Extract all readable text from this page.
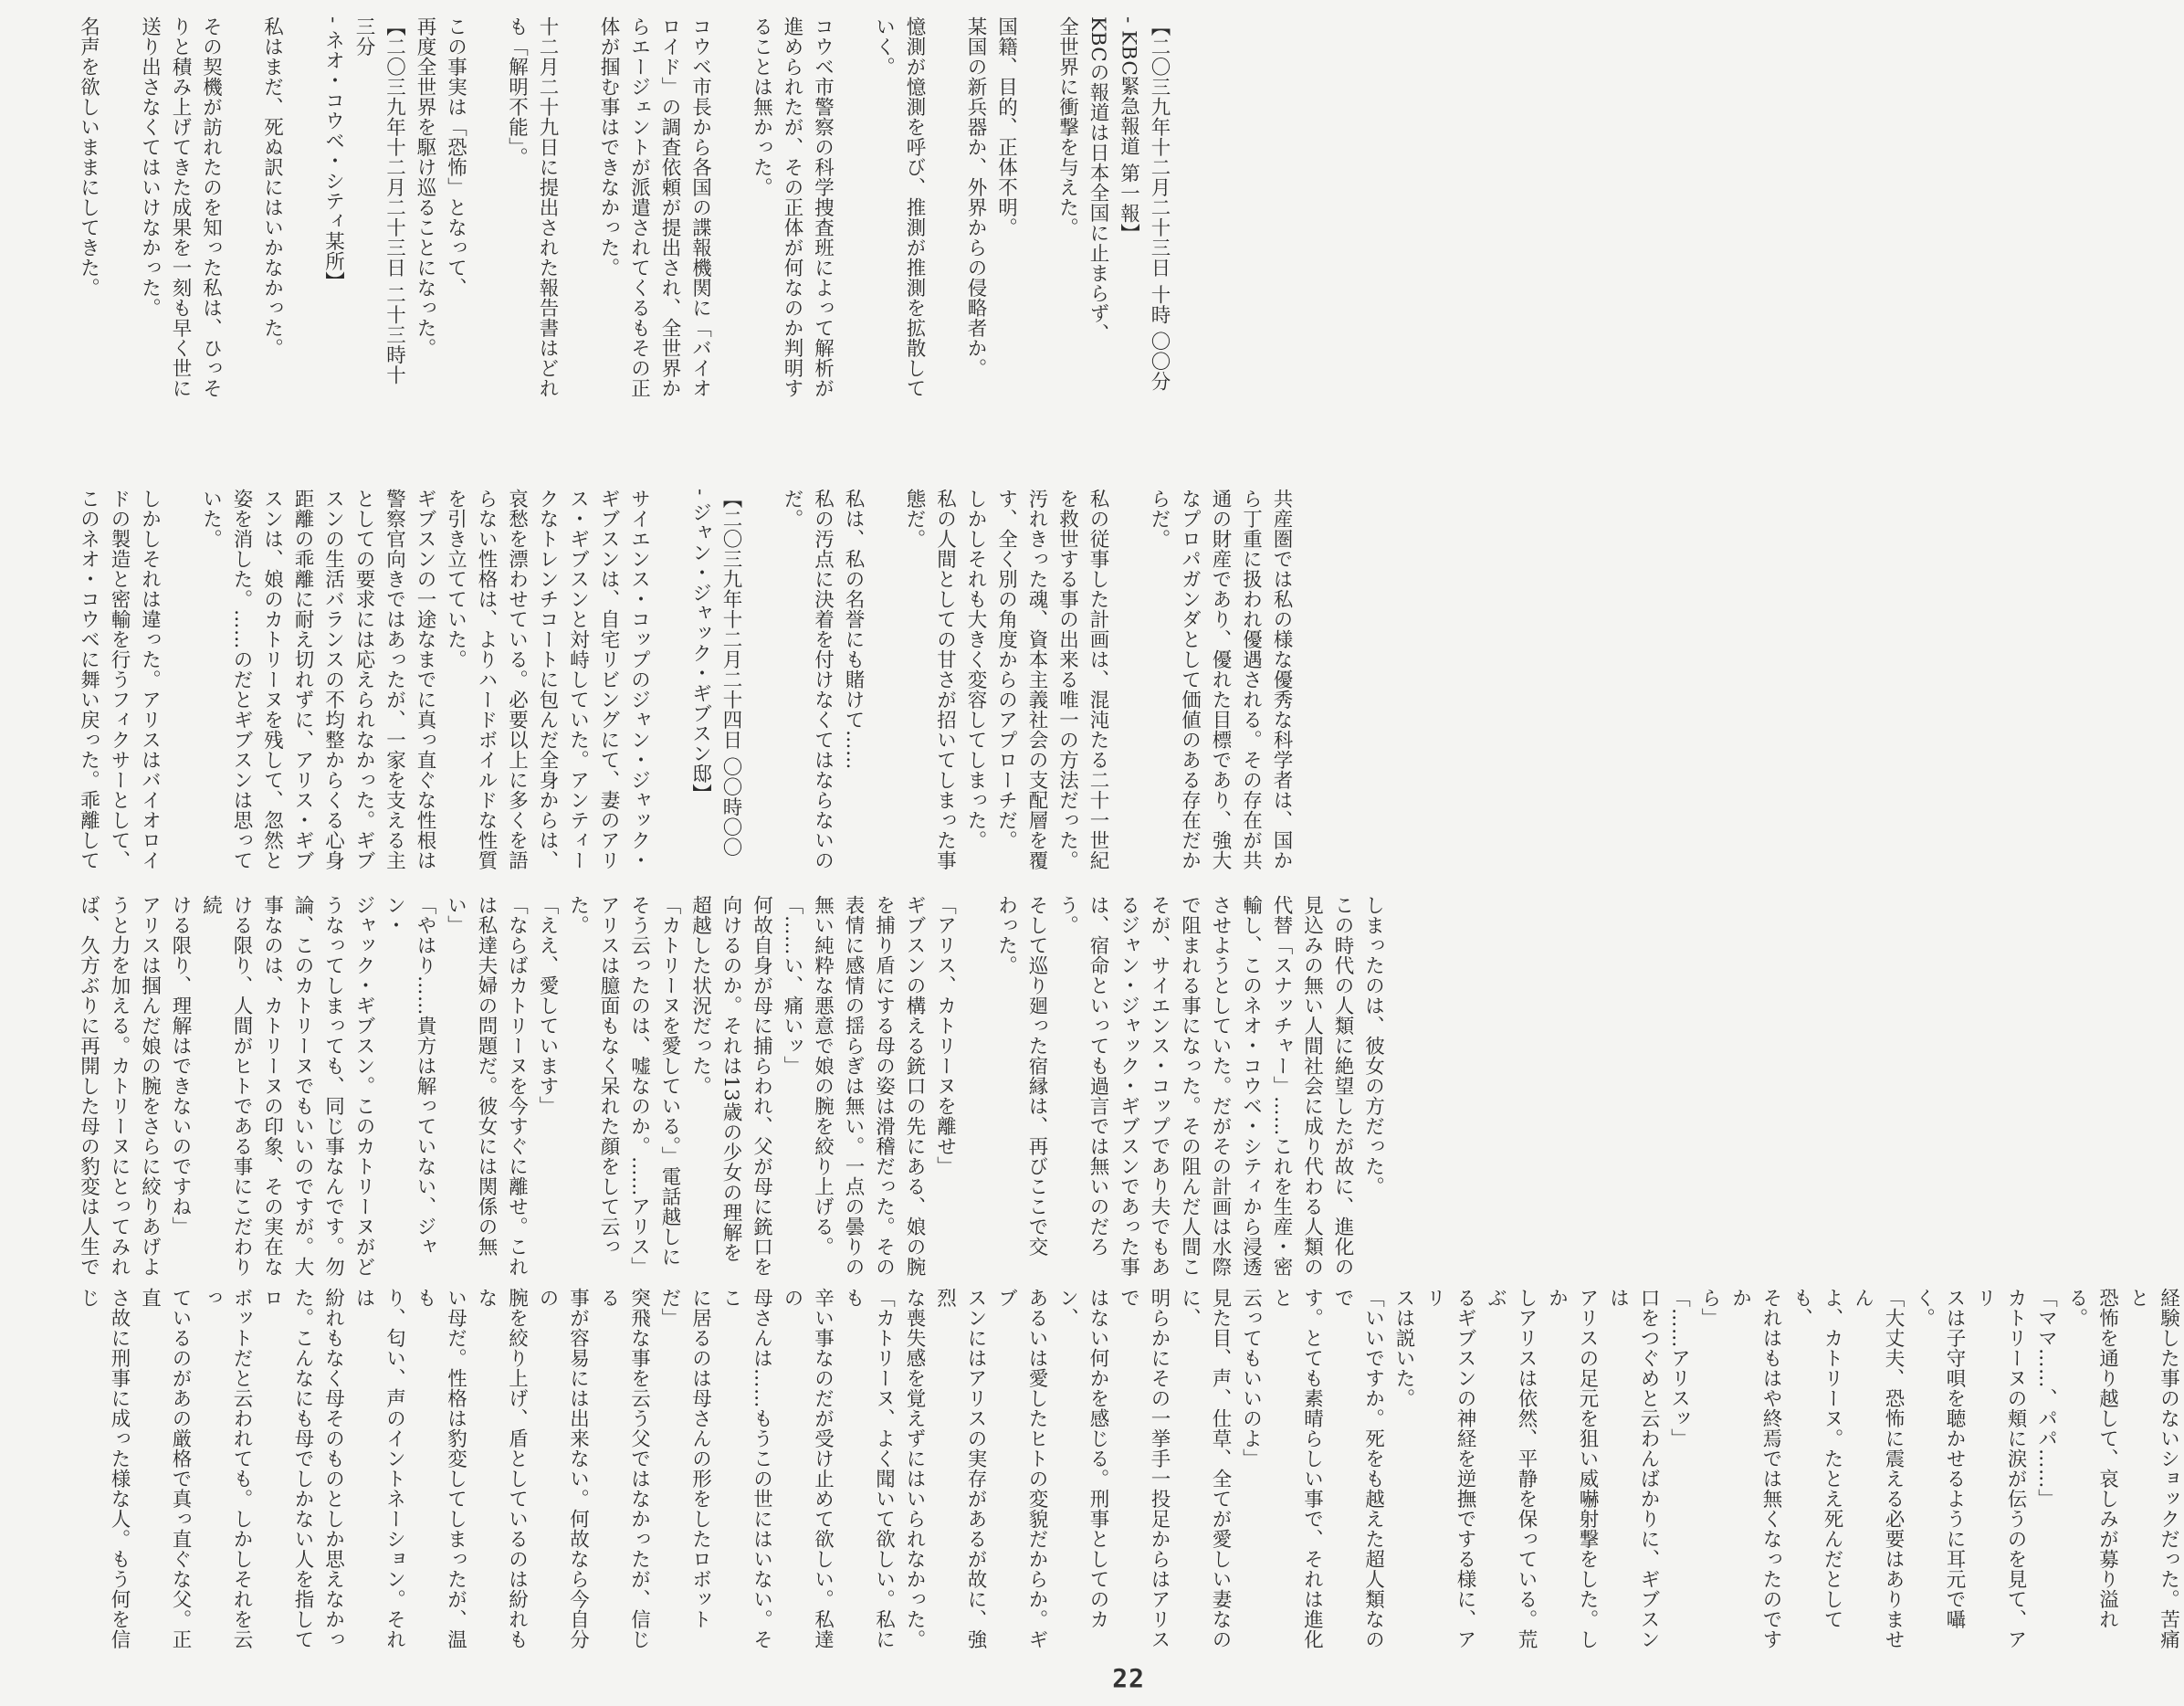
【二〇三九年十二月二十三日 十時 〇〇分
- KBC緊急報道 第一報】
KBCの報道は日本全国に止まらず、
全世界に衝撃を与えた。

国籍、目的、正体不明。
某国の新兵器か、外界からの侵略者か。

憶測が憶測を呼び、推測が推測を拡散して
いく。

コウベ市警察の科学捜査班によって解析が
進められたが、その正体が何なのか判明す
ることは無かった。

コウベ市長から各国の諜報機関に「バイオ
ロイド」の調査依頼が提出され、全世界か
らエージェントが派遣されてくるもその正
体が掴む事はできなかった。

十二月二十九日に提出された報告書はどれ
も「解明不能」。

この事実は「恐怖」となって、
再度全世界を駆け巡ることになった。
【二〇三九年十二月二十三日 二十三時十
三分
- ネオ・コウベ・シティ某所】

私はまだ、死ぬ訳にはいかなかった。

その契機が訪れたのを知った私は、ひっそ
りと積み上げてきた成果を一刻も早く世に
送り出さなくてはいけなかった。

名声を欲しいままにしてきた。
共産圏では私の様な優秀な科学者は、国か
ら丁重に扱われ優遇される。その存在が共
通の財産であり、優れた目標であり、強大
なプロパガンダとして価値のある存在だか
らだ。

私の従事した計画は、混沌たる二十一世紀
を救世する事の出来る唯一の方法だった。
汚れきった魂、資本主義社会の支配層を覆
す、全く別の角度からのアプローチだ。
しかしそれも大きく変容してしまった。
私の人間としての甘さが招いてしまった事
態だ。

私は、私の名誉にも賭けて……
私の汚点に決着を付けなくてはならないの
だ。

【二〇三九年十二月二十四日 〇〇時〇〇
- ジャン・ジャック・ギブスン邸】

サイエンス・コップのジャン・ジャック・
ギブスンは、自宅リビングにて、妻のアリ
ス・ギブスンと対峙していた。アンティー
クなトレンチコートに包んだ全身からは、
哀愁を漂わせている。必要以上に多くを語
らない性格は、よりハードボイルドな性質
を引き立てていた。
ギブスンの一途なまでに真っ直ぐな性根は
警察官向きではあったが、一家を支える主
としての要求には応えられなかった。ギブ
スンの生活バランスの不均整からくる心身
距離の乖離に耐え切れずに、アリス・ギブ
スンは、娘のカトリーヌを残して、忽然と
姿を消した。……のだとギブスンは思って
いた。

しかしそれは違った。アリスはバイオロイ
ドの製造と密輸を行うフィクサーとして、
このネオ・コウベに舞い戻った。乖離して
しまったのは、彼女の方だった。
この時代の人類に絶望したが故に、進化の
見込みの無い人間社会に成り代わる人類の
代替「スナッチャー」……これを生産・密
輸し、このネオ・コウベ・シティから浸透
させようとしていた。だがその計画は水際
で阻まれる事になった。その阻んだ人間こ
そが、サイエンス・コップであり夫でもあ
るジャン・ジャック・ギブスンであった事
は、宿命といっても過言では無いのだろう。
そして巡り廻った宿縁は、再びここで交
わった。

「アリス、カトリーヌを離せ」
ギブスンの構える銃口の先にある、娘の腕
を捕り盾にする母の姿は滑稽だった。その
表情に感情の揺らぎは無い。一点の曇りの
無い純粋な悪意で娘の腕を絞り上げる。
「……い、痛いッ」
何故自身が母に捕らわれ、父が母に銃口を
向けるのか。それは13歳の少女の理解を
超越した状況だった。
「カトリーヌを愛している。」電話越しに
そう云ったのは、嘘なのか。……アリス」
アリスは臆面もなく呆れた顔をして云っ
た。
「ええ、愛しています」
「ならばカトリーヌを今すぐに離せ。これ
は私達夫婦の問題だ。彼女には関係の無い」
「やはり……貴方は解っていない、ジャン・
ジャック・ギブスン。このカトリーヌがど
うなってしまっても、同じ事なんです。勿
論、このカトリーヌでもいいのですが。大
事なのは、カトリーヌの印象、その実在な
ける限り、人間がヒトである事にこだわり続
ける限り、理解はできないのですね」
アリスは掴んだ娘の腕をさらに絞りあげよ
うと力を加える。カトリーヌにとってみれ
ば、久方ぶりに再開した母の豹変は人生で
経験した事のないショックだった。苦痛と
恐怖を通り越して、哀しみが募り溢れる。
「ママ……、パパ……」
カトリーヌの頬に涙が伝うのを見て、アリ
スは子守唄を聴かせるように耳元で囁く。
「大丈夫、恐怖に震える必要はありません
よ、カトリーヌ。たとえ死んだとしても、
それはもはや終焉では無くなったのですか
ら」
「……アリスッ」
口をつぐめと云わんばかりに、ギブスンは
アリスの足元を狙い威嚇射撃をした。しか
しアリスは依然、平静を保っている。荒ぶ
るギブスンの神経を逆撫でする様に、アリ
スは説いた。
「いいですか。死をも越えた超人類なので
す。とても素晴らしい事で、それは進化と
云ってもいいのよ」
見た目、声、仕草、全てが愛しい妻なのに、
明らかにその一挙手一投足からはアリスで
はない何かを感じる。刑事としてのカン、
あるいは愛したヒトの変貌だからか。ギブ
スンにはアリスの実存があるが故に、強烈
な喪失感を覚えずにはいられなかった。
「カトリーヌ、よく聞いて欲しい。私にも
辛い事なのだが受け止めて欲しい。私達の
母さんは……もうこの世にはいない。そこ
に居るのは母さんの形をしたロボットだ」
突飛な事を云う父ではなかったが、信じる
事が容易には出来ない。何故なら今自分の
腕を絞り上げ、盾としているのは紛れもな
い母だ。性格は豹変してしまったが、温も
り、匂い、声のイントネーション。それは
紛れもなく母そのものとしか思えなかっ
た。こんなにも母でしかない人を指してロ
ボットだと云われても。しかしそれを云っ
ているのがあの厳格で真っ直ぐな父。正直
さ故に刑事に成った様な人。もう何を信じ
22
